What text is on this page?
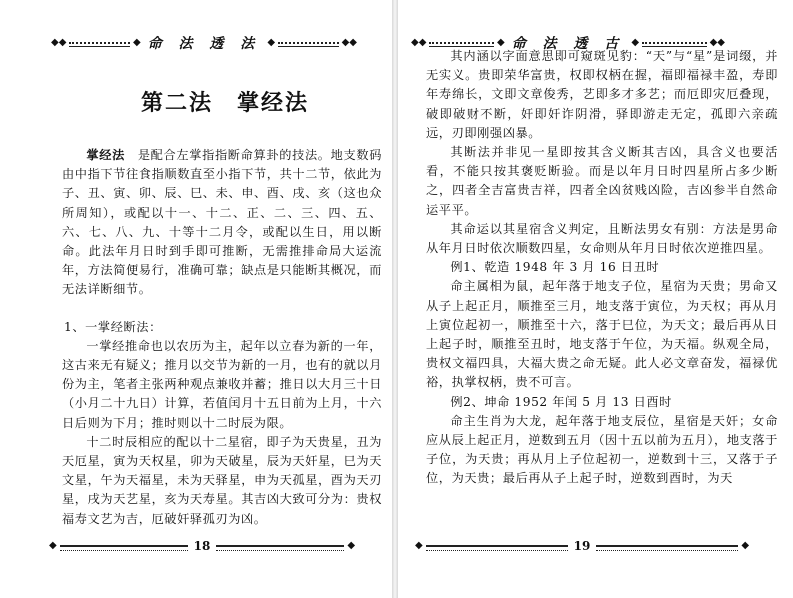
◆◆	◆ 命 法 透 法 ◆	◆◆
第二法　掌经法

掌经法　是配合左掌指指断命算卦的技法。地支数码由中指下节往食指顺数直至小指下节，共十二节，依此为子、丑、寅、卯、辰、巳、未、申、酉、戌、亥（这也众所周知），或配以十一、十二、正、二、三、四、五、六、七、八、九、十等十二月令，或配以生日，用以断命。此法年月日时到手即可推断，无需推排命局大运流年，方法简便易行，准确可靠；缺点是只能断其概况，而无法详断细节。

1、一掌经断法：

一掌经推命也以农历为主，起年以立春为新的一年，这古来无有疑义；推月以交节为新的一月，也有的就以月份为主，笔者主张两种观点兼收并蓄；推日以大月三十日（小月二十九日）计算，若值闰月十五日前为上月，十六日后则为下月；推时则以十二时辰为限。

十二时辰相应的配以十二星宿，即子为天贵星，丑为天厄星，寅为天权星，卯为天破星，辰为天奸星，巳为天文星，午为天福星，未为天驿星，申为天孤星，酉为天刃星，戌为天艺星，亥为天寿星。其吉凶大致可分为：贵权福寿文艺为吉，厄破奸驿孤刃为凶。

◆	18	◆
◆◆	◆ 命 法 透 古 ◆	◆◆

其内涵以字面意思即可窥斑见豹：“天”与“星”是词缀，并无实义。贵即荣华富贵，权即权柄在握，福即福禄丰盈，寿即年寿绵长，文即文章俊秀，艺即多才多艺；而厄即灾厄叠现，破即破财不断，奸即奸诈阴滑，驿即游走无定，孤即六亲疏远，刃即刚强凶暴。

其断法并非见一星即按其含义断其吉凶，具含义也要活看，不能只按其褒贬断验。而是以年月日时四星所占多少断之，四者全吉富贵吉祥，四者全凶贫贱凶险，吉凶参半自然命运平平。

其命运以其星宿含义判定，且断法男女有别：方法是男命从年月日时依次顺数四星，女命则从年月日时依次逆推四星。

例1、乾造 1948 年 3 月 16 日丑时

命主属相为鼠，起年落于地支子位，星宿为天贵；男命又从子上起正月，顺推至三月，地支落于寅位，为天权；再从月上寅位起初一，顺推至十六，落于巳位，为天文；最后再从日上起子时，顺推至丑时，地支落于午位，为天福。纵观全局，贵权文福四具，大福大贵之命无疑。此人必文章奋发，福禄优裕，执掌权柄，贵不可言。

例2、坤命 1952 年闰 5 月 13 日酉时

命主生肖为大龙，起年落于地支辰位，星宿是天奸；女命应从辰上起正月，逆数到五月（因十五以前为五月），地支落于子位，为天贵；再从月上子位起初一，逆数到十三，又落于子位，为天贵；最后再从子上起子时，逆数到酉时，为天

◆	19	◆
